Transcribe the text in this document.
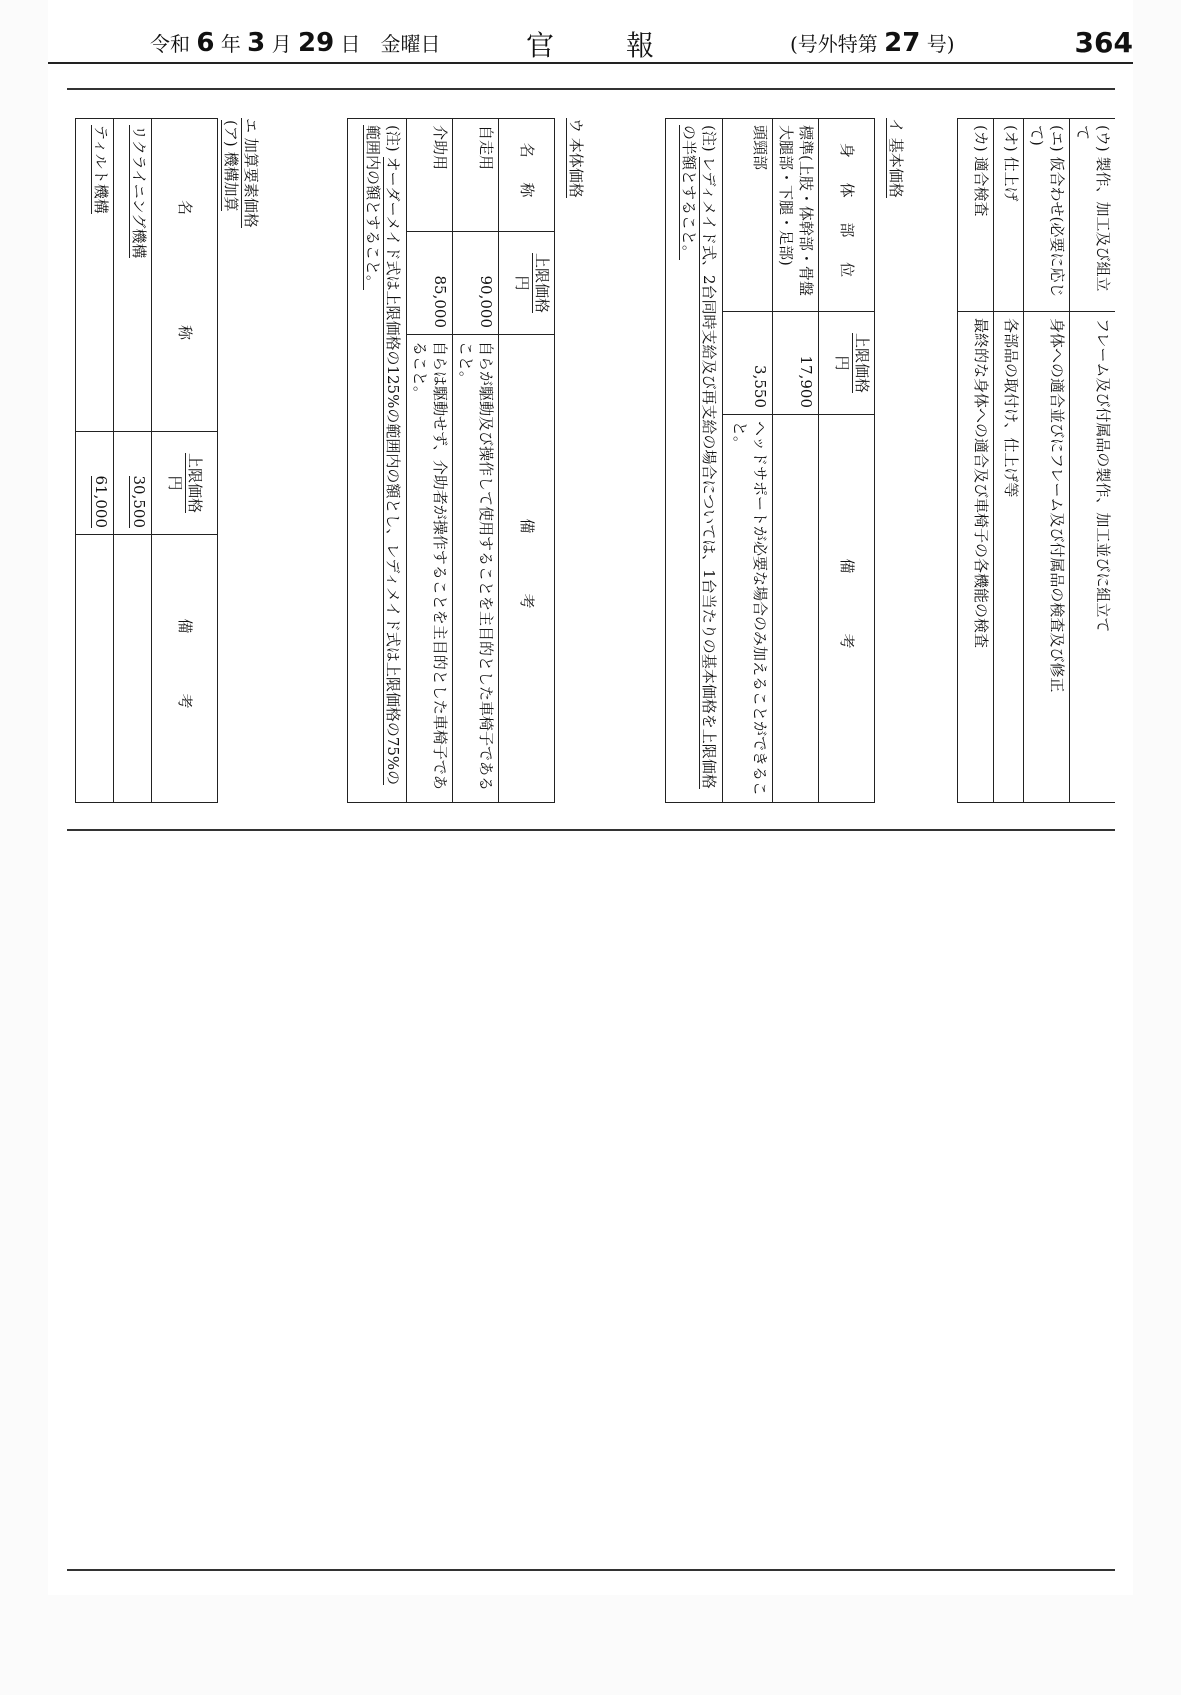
令和 6 年 3 月 29 日　 金曜日	官	報	(号外特第 27 号)	364
(ウ) 製作、加工及び組立て	フレーム及び付属品の製作、加工並びに組立て
(エ) 仮合わせ(必要に応じて)	身体への適合並びにフレーム及び付属品の検査及び修正
(オ) 仕上げ	各部品の取付け、仕上げ等
(カ) 適合検査	最終的な身体への適合及び車椅子の各機能の検査
イ 基本価格
身 体 部 位	上限価格
円	備　　考
標準(上肢・体幹部・骨盤大腿部・下腿・足部)	17,900	
頭頸部	3,550	ヘッドサポートが必要な場合のみ加えることができること。
(注) レディメイド式、2台同時支給及び再支給の場合については、1台当たりの基本価格を上限価格の半額とすること。
ウ 本体価格
名 称	上限価格
円	備　　考
自走用	90,000	自らが駆動及び操作して使用することを主目的とした車椅子であること。
介助用	85,000	自らは駆動せず、介助者が操作することを主目的とした車椅子であること。
(注) オーダーメイド式は上限価格の125%の範囲内の額とし、レディメイド式は上限価格の75%の範囲内の額とすること。
エ 加算要素価格
(ア) 機構加算
名　　　　称	上限価格
円	備　　考
リクライニング機構	30,500	
ティルト機構	61,000	
